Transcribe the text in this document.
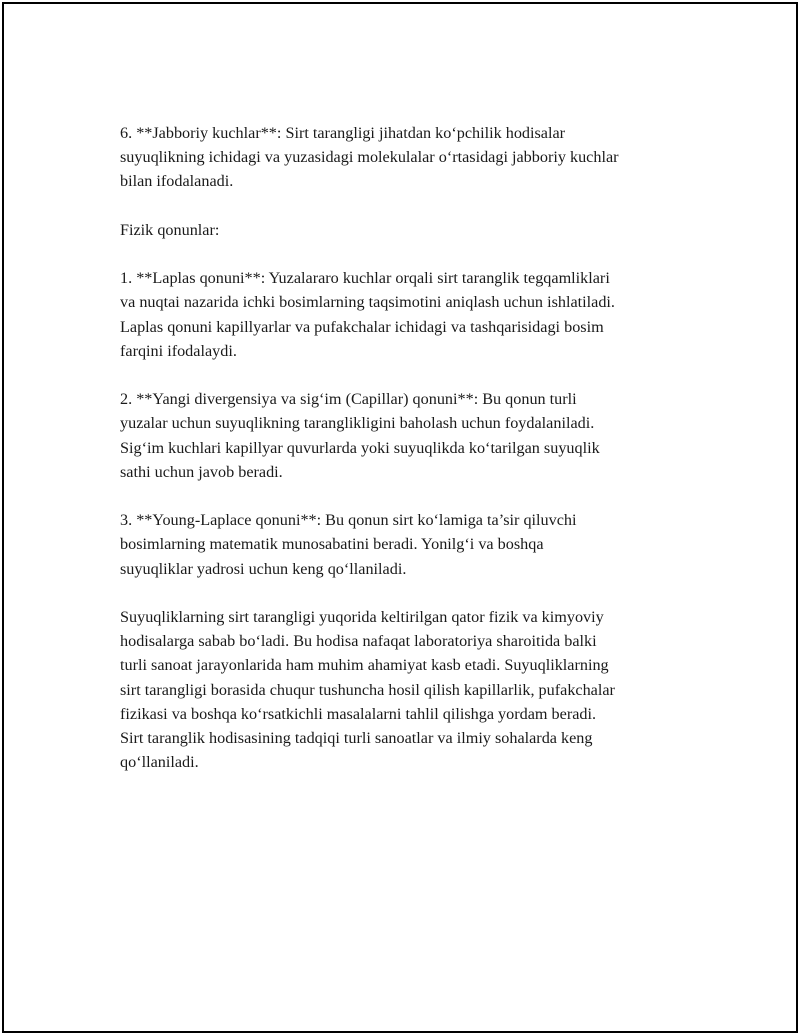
6. **Jabboriy kuchlar**: Sirt tarangligi jihatdan ko‘pchilik hodisalar
suyuqlikning ichidagi va yuzasidagi molekulalar o‘rtasidagi jabboriy kuchlar
bilan ifodalanadi.

Fizik qonunlar:

1. **Laplas qonuni**: Yuzalararo kuchlar orqali sirt taranglik tegqamliklari
va nuqtai nazarida ichki bosimlarning taqsimotini aniqlash uchun ishlatiladi.
Laplas qonuni kapillyarlar va pufakchalar ichidagi va tashqarisidagi bosim
farqini ifodalaydi.

2. **Yangi divergensiya va sig‘im (Capillar) qonuni**: Bu qonun turli
yuzalar uchun suyuqlikning taranglikligini baholash uchun foydalaniladi.
Sig‘im kuchlari kapillyar quvurlarda yoki suyuqlikda ko‘tarilgan suyuqlik
sathi uchun javob beradi.

3. **Young-Laplace qonuni**: Bu qonun sirt ko‘lamiga ta’sir qiluvchi
bosimlarning matematik munosabatini beradi. Yonilg‘i va boshqa
suyuqliklar yadrosi uchun keng qo‘llaniladi.

Suyuqliklarning sirt tarangligi yuqorida keltirilgan qator fizik va kimyoviy
hodisalarga sabab bo‘ladi. Bu hodisa nafaqat laboratoriya sharoitida balki
turli sanoat jarayonlarida ham muhim ahamiyat kasb etadi. Suyuqliklarning
sirt tarangligi borasida chuqur tushuncha hosil qilish kapillarlik, pufakchalar
fizikasi va boshqa ko‘rsatkichli masalalarni tahlil qilishga yordam beradi.
Sirt taranglik hodisasining tadqiqi turli sanoatlar va ilmiy sohalarda keng
qo‘llaniladi.
